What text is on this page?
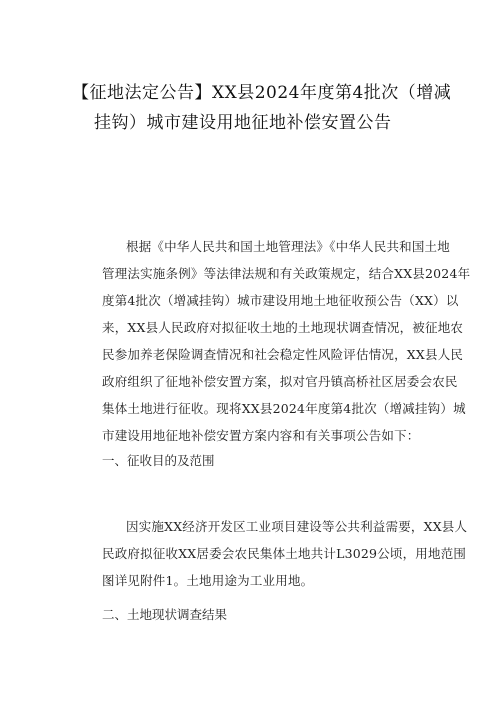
【征地法定公告】XX县2024年度第4批次（增减
挂钩）城市建设用地征地补偿安置公告
根据《中华人民共和国土地管理法》《中华人民共和国土地
管理法实施条例》等法律法规和有关政策规定，结合XX县2024年
度第4批次（增减挂钩）城市建设用地土地征收预公告（XX）以
来，XX县人民政府对拟征收土地的土地现状调查情况，被征地农
民参加养老保险调查情况和社会稳定性风险评估情况，XX县人民
政府组织了征地补偿安置方案，拟对官丹镇高桥社区居委会农民
集体土地进行征收。现将XX县2024年度第4批次（增减挂钩）城
市建设用地征地补偿安置方案内容和有关事项公告如下：
一、征收目的及范围
因实施XX经济开发区工业项目建设等公共利益需要，XX县人
民政府拟征收XX居委会农民集体土地共计L3029公顷，用地范围
图详见附件1。土地用途为工业用地。
二、土地现状调查结果
